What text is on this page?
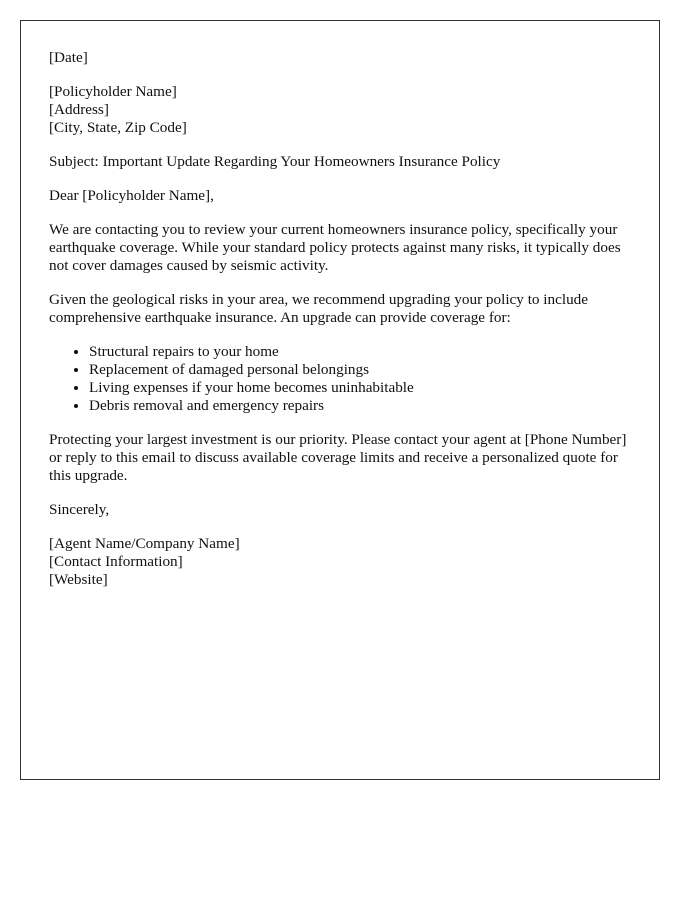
[Date]

[Policyholder Name]
[Address]
[City, State, Zip Code]

Subject: Important Update Regarding Your Homeowners Insurance Policy

Dear [Policyholder Name],

We are contacting you to review your current homeowners insurance policy, specifically your earthquake coverage. While your standard policy protects against many risks, it typically does not cover damages caused by seismic activity.

Given the geological risks in your area, we recommend upgrading your policy to include comprehensive earthquake insurance. An upgrade can provide coverage for:

• Structural repairs to your home
• Replacement of damaged personal belongings
• Living expenses if your home becomes uninhabitable
• Debris removal and emergency repairs

Protecting your largest investment is our priority. Please contact your agent at [Phone Number] or reply to this email to discuss available coverage limits and receive a personalized quote for this upgrade.

Sincerely,

[Agent Name/Company Name]
[Contact Information]
[Website]
